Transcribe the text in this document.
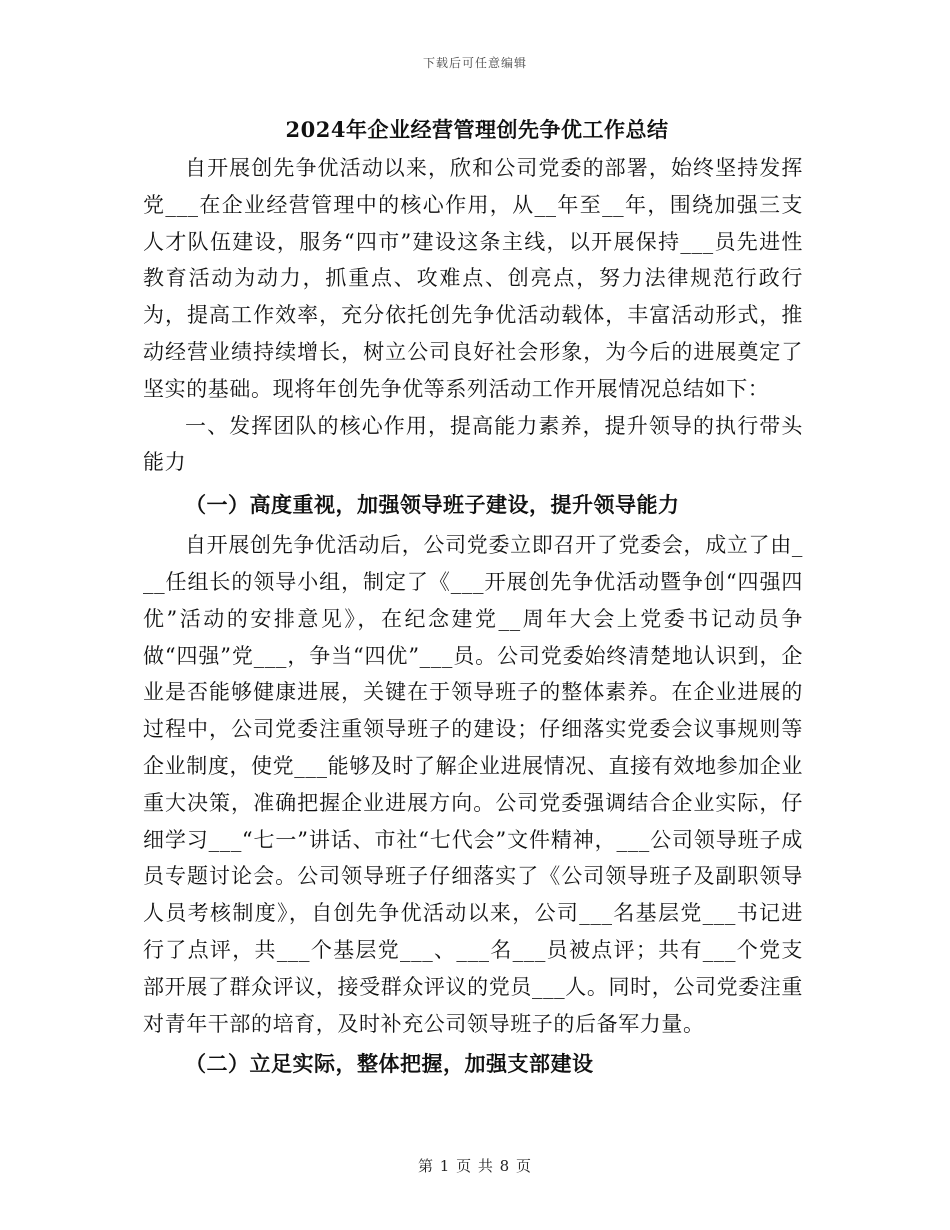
下载后可任意编辑
2024年企业经营管理创先争优工作总结

自开展创先争优活动以来，欣和公司党委的部署，始终坚持发挥党___在企业经营管理中的核心作用，从__年至__年，围绕加强三支人才队伍建设，服务“四市”建设这条主线，以开展保持___员先进性教育活动为动力，抓重点、攻难点、创亮点，努力法律规范行政行为，提高工作效率，充分依托创先争优活动载体，丰富活动形式，推动经营业绩持续增长，树立公司良好社会形象，为今后的进展奠定了坚实的基础。现将年创先争优等系列活动工作开展情况总结如下：

一、发挥团队的核心作用，提高能力素养，提升领导的执行带头能力

（一）高度重视，加强领导班子建设，提升领导能力

自开展创先争优活动后，公司党委立即召开了党委会，成立了由___任组长的领导小组，制定了《___开展创先争优活动暨争创“四强四优”活动的安排意见》，在纪念建党__周年大会上党委书记动员争做“四强”党___，争当“四优”___员。公司党委始终清楚地认识到，企业是否能够健康进展，关键在于领导班子的整体素养。在企业进展的过程中，公司党委注重领导班子的建设；仔细落实党委会议事规则等企业制度，使党___能够及时了解企业进展情况、直接有效地参加企业重大决策，准确把握企业进展方向。公司党委强调结合企业实际，仔细学习___“七一”讲话、市社“七代会”文件精神，___公司领导班子成员专题讨论会。公司领导班子仔细落实了《公司领导班子及副职领导人员考核制度》，自创先争优活动以来，公司___名基层党___书记进行了点评，共___个基层党___、___名___员被点评；共有___个党支部开展了群众评议，接受群众评议的党员___人。同时，公司党委注重对青年干部的培育，及时补充公司领导班子的后备军力量。

（二）立足实际，整体把握，加强支部建设
第 1 页 共 8 页
